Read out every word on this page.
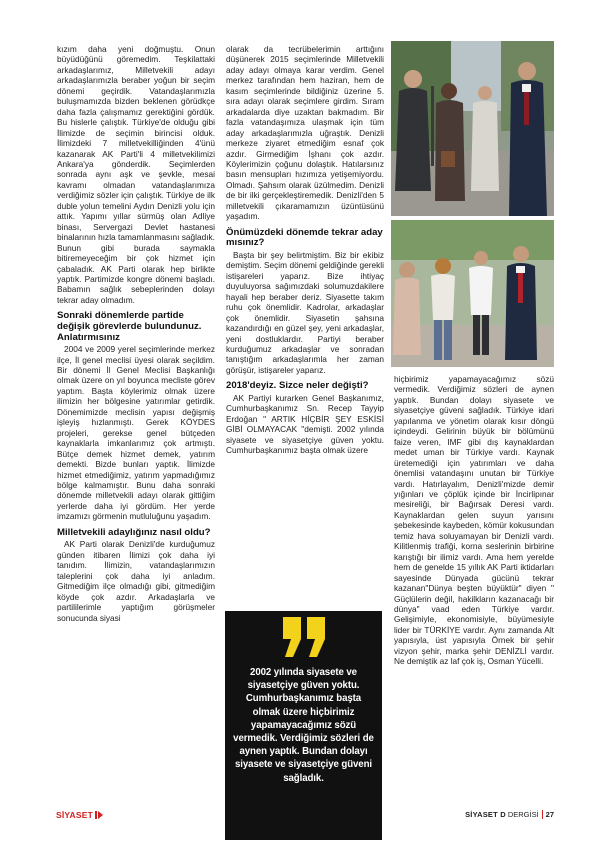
kızım daha yeni doğmuştu. Onun büyüdüğünü göremedim. Teşkilattaki arkadaşlarımız, Milletvekili adayı arkadaşlarımızla beraber yoğun bir seçim dönemi geçirdik. Vatandaşlarımızla buluşmamızda bizden beklenen görüdkçe daha fazla çalışmamız gerektiğini gördük. Bu hislerle çalıştık. Türkiye'de olduğu gibi İlimizde de seçimin birincisi olduk. İlimizdeki 7 milletvekilliğinden 4'ünü kazanarak AK Parti'li 4 milletvekilimizi Ankara'ya gönderdik. Seçimlerden sonrada aynı aşk ve şevkle, mesai kavramı olmadan vatandaşlarımıza verdiğimiz sözler için çalıştık. Türkiye de ilk duble yolun temelini Aydın Denizli yolu için attık. Yapımı yıllar sürmüş olan Adliye binası, Servergazi Devlet hastanesi binalarının hızla tamamlanmasını sağladık. Bunun gibi burada saymakla bitiremeyeceğim bir çok hizmet için çabaladık. AK Parti olarak hep birlikte yaptık. Partimizde kongre dönemi başladı. Babamın sağlık sebeplerinden dolayı tekrar aday olmadım.

Sonraki dönemlerde partide değişik görevlerde bulundunuz. Anlatırmısınız

2004 ve 2009 yerel seçimlerinde merkez ilçe, İl genel meclisi üyesi olarak seçildim. Bir dönemi İl Genel Meclisi Başkanlığı olmak üzere on yıl boyunca mecliste görev yaptım. Başta köylerimiz olmak üzere ilimizin her bölgesine yatırımlar getirdik. Dönemimizde meclisin yapısı değişmiş işleyiş hızlanmıştı. Gerek KÖYDES projeleri, gerekse genel bütçeden kaynaklarla imkanlarımız çok artmıştı. Bütçe demek hizmet demek, yatırım demekti. Bizde bunları yaptık. İlimizde hizmet etmediğimiz, yatırım yapmadığımız bölge kalmamıştır. Bunu daha sonraki dönemde milletvekili adayı olarak gittiğim yerlerde daha iyi gördüm. Her yerde imzamızı görmenin mutluluğunu yaşadım.

Milletvekili adaylığınız nasıl oldu?

AK Parti olarak Denizli'de kurduğumuz günden itibaren İlimizi çok daha iyi tanıdım. İlimizin, vatandaşlarımızın taleplerini çok daha iyi anladım. Gitmediğim ilçe olmadığı gibi, gitmediğim köyde çok azdır. Arkadaşlarla ve partililerimle yaptığım görüşmeler sonucunda siyasi

olarak da tecrübelerimin arttığını düşünerek 2015 seçimlerinde Milletvekili aday adayı olmaya karar verdim. Genel merkez tarafından hem haziran, hem de kasım seçimlerinde bildiğiniz üzerine 5. sıra adayı olarak seçimlere girdim. Sıram arkadalarda diye uzaktan bakmadım. Bir fazla vatandaşımıza ulaşmak için tüm aday arkadaşlarımızla uğraştık. Denizli merkeze ziyaret etmediğim esnaf çok azdır. Girmediğim İşhanı çok azdır. Köylerimizin çoğunu dolaştık. Hatılarsınız basın mensupları hızımıza yetişemiyordu. Olmadı. Şahsım olarak üzülmedim. Denizli de bir ilki gerçekleştiremedik. Denizli'den 5 milletvekili çıkaramamızın üzüntüsünü yaşadım.

Önümüzdeki dönemde tekrar aday mısınız?

Başta bir şey belirtmiştim. Biz bir ekibiz demiştim. Seçim dönemi geldiğinde gerekli istişareleri yaparız. Bize ihtiyaç duyuluyorsa sağımızdaki solumuzdakilere hayali hep beraber deriz. Siyasette takım ruhu çok önemlidir. Kadrolar, arkadaşlar çok önemlidir. Siyasetin şahsına kazandırdığı en güzel şey, yeni arkadaşlar, yeni dostluklardır. Partiyi beraber kurduğumuz arkadaşlar ve sonradan tanıştığım arkadaşlarımla her zaman görüşür, istişareler yaparız.

2018'deyiz. Sizce neler değişti?

AK Partiyi kurarken Genel Başkanımız, Cumhurbaşkanımız Sn. Recep Tayyip Erdoğan " ARTIK HİÇBİR ŞEY ESKİSİ GİBİ OLMAYACAK "demişti. 2002 yılında siyasete ve siyasetçiye güven yoktu. Cumhurbaşkanımız başta olmak üzere

hiçbirimiz yapamayacağımız sözü vermedik. Verdiğimiz sözleri de aynen yaptık. Bundan dolayı siyasete ve siyasetçiye güveni sağladık. Türkiye idari yapılanma ve yönetim olarak kısır döngü içindeydi. Gelirinin büyük bir bölümünü faize veren, IMF gibi dış kaynaklardan medet uman bir Türkiye vardı. Kaynak üretemediği için yatırımları ve daha önemlisi vatandaşını unutan bir Türkiye vardı. Hatırlayalım, Denizli'mizde demir yığınları ve çöplük içinde bir İncirlipınar mesireliği, bir Bağırsak Deresi vardı. Kaynaklardan gelen suyun yarısını şebekesinde kaybeden, kömür kokusundan temiz hava soluyamayan bir Denizli vardı. Kilitlenmiş trafiği, korna seslerinin birbirine karıştığı bir ilimiz vardı. Ama hem yerelde hem de genelde 15 yıllık AK Parti iktidarları sayesinde Dünyada gücünü tekrar kazanan"Dünya beşten büyüktür" diyen " Güçlülerin değil, hakilkların kazanacağı bir dünya" vaad eden Türkiye vardır. Gelişimiyle, ekonomisiyle, büyümesiyle lider bir TÜRKİYE vardır. Aynı zamanda Alt yapısıyla, üst yapısıyla Örnek bir şehir vizyon şehir, marka şehir DENİZLİ vardır. Ne demiştik az laf çok iş, Osman Yücelli.

2002 yılında siyasete ve siyasetçiye güven yoktu. Cumhurbaşkanımız başta olmak üzere hiçbirimiz yapamayacağımız sözü vermedik. Verdiğimiz sözleri de aynen yaptık. Bundan dolayı siyasete ve siyasetçiye güveni sağladık.
SİYASET	SİYASET D DERGİSİ 27
